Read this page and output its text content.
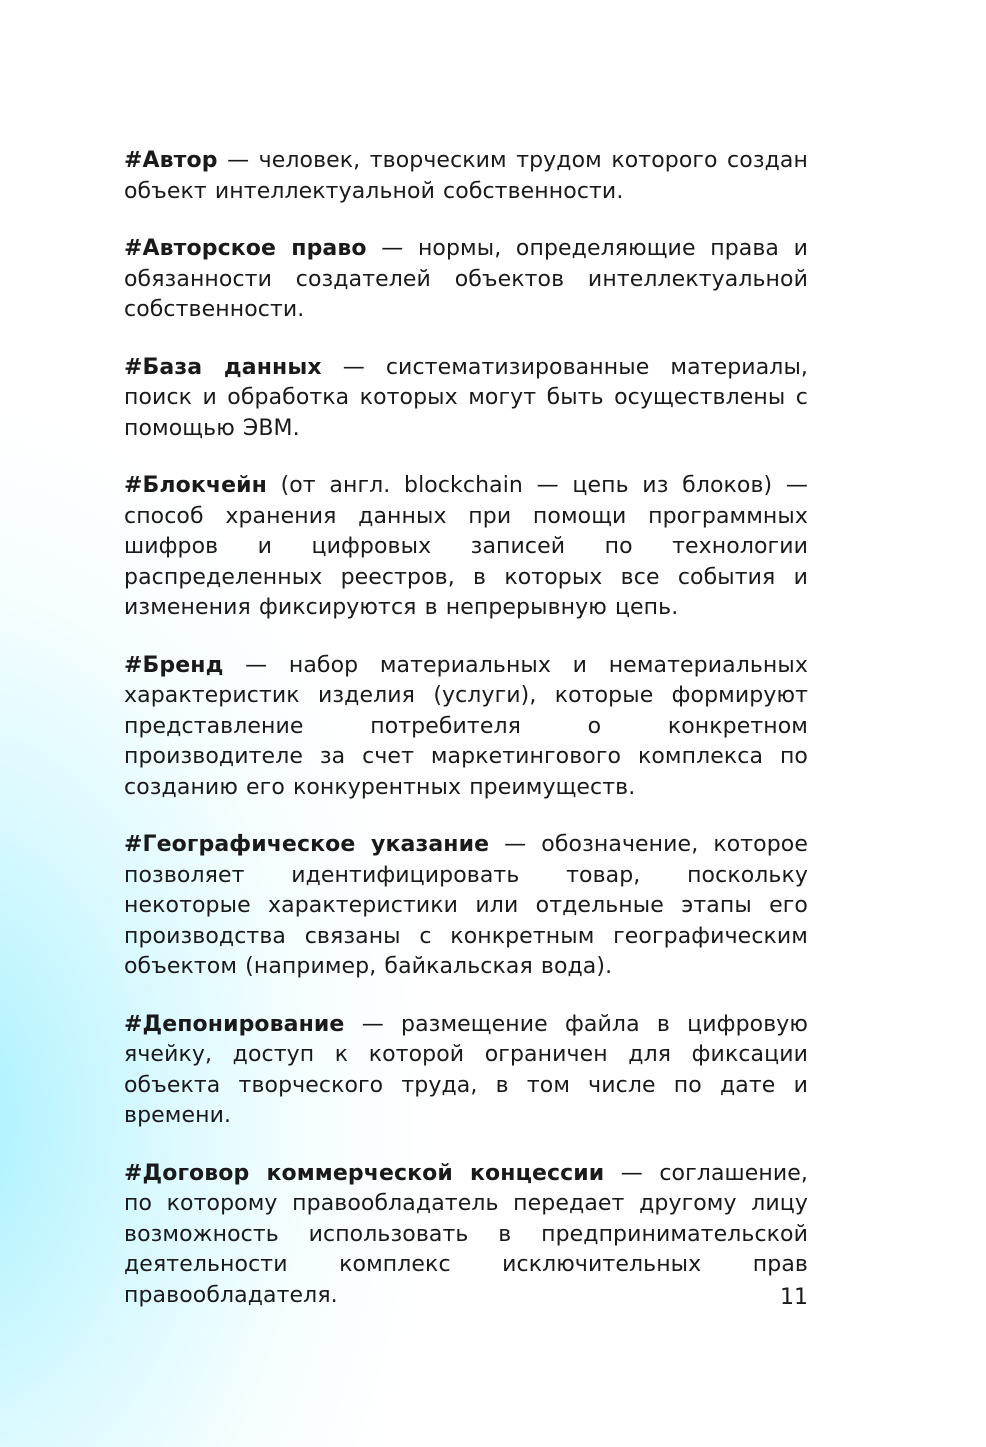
#Автор — человек, творческим трудом которого создан объект интеллектуальной собственности.

#Авторское право — нормы, определяющие права и обязанности создателей объектов интеллектуальной собственности.

#База данных — систематизированные материалы, поиск и обработка которых могут быть осуществлены с помощью ЭВМ.

#Блокчейн (от англ. blockchain — цепь из блоков) — способ хранения данных при помощи программных шифров и цифровых записей по технологии распределенных реестров, в которых все события и изменения фиксируются в непрерывную цепь.

#Бренд — набор материальных и нематериальных характеристик изделия (услуги), которые формируют представление потребителя о конкретном производителе за счет маркетингового комплекса по созданию его конкурентных преимуществ.

#Географическое указание — обозначение, которое позволяет идентифицировать товар, поскольку некоторые характеристики или отдельные этапы его производства связаны с конкретным географическим объектом (например, байкальская вода).

#Депонирование — размещение файла в цифровую ячейку, доступ к которой ограничен для фиксации объекта творческого труда, в том числе по дате и времени.

#Договор коммерческой концессии — соглашение, по которому правообладатель передает другому лицу возможность использовать в предпринимательской деятельности комплекс исключительных прав правообладателя.	11
